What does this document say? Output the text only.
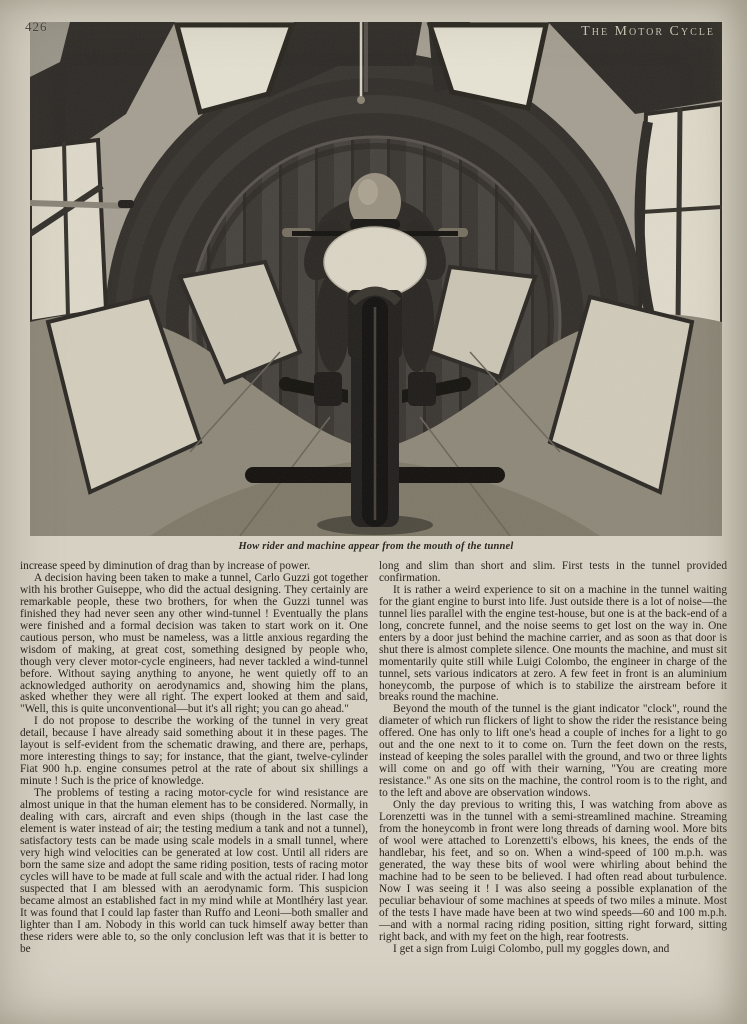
426	The Motor Cycle
How rider and machine appear from the mouth of the tunnel

increase speed by diminution of drag than by increase of power.

A decision having been taken to make a tunnel, Carlo Guzzi got together with his brother Guiseppe, who did the actual designing. They certainly are remarkable people, these two brothers, for when the Guzzi tunnel was finished they had never seen any other wind-tunnel ! Eventually the plans were finished and a formal decision was taken to start work on it. One cautious person, who must be nameless, was a little anxious regarding the wisdom of making, at great cost, something designed by people who, though very clever motor-cycle engineers, had never tackled a wind-tunnel before. Without saying anything to anyone, he went quietly off to an acknowledged authority on aerodynamics and, showing him the plans, asked whether they were all right. The expert looked at them and said, "Well, this is quite unconventional—but it's all right; you can go ahead."

I do not propose to describe the working of the tunnel in very great detail, because I have already said something about it in these pages. The layout is self-evident from the schematic drawing, and there are, perhaps, more interesting things to say; for instance, that the giant, twelve-cylinder Fiat 900 h.p. engine consumes petrol at the rate of about six shillings a minute ! Such is the price of knowledge.

The problems of testing a racing motor-cycle for wind resistance are almost unique in that the human element has to be considered. Normally, in dealing with cars, aircraft and even ships (though in the last case the element is water instead of air; the testing medium a tank and not a tunnel), satisfactory tests can be made using scale models in a small tunnel, where very high wind velocities can be generated at low cost. Until all riders are born the same size and adopt the same riding position, tests of racing motor cycles will have to be made at full scale and with the actual rider. I had long suspected that I am blessed with an aerodynamic form. This suspicion became almost an established fact in my mind while at Montlhéry last year. It was found that I could lap faster than Ruffo and Leoni—both smaller and lighter than I am. Nobody in this world can tuck himself away better than these riders were able to, so the only conclusion left was that it is better to be

long and slim than short and slim. First tests in the tunnel provided confirmation.

It is rather a weird experience to sit on a machine in the tunnel waiting for the giant engine to burst into life. Just outside there is a lot of noise—the tunnel lies parallel with the engine test-house, but one is at the back-end of a long, concrete funnel, and the noise seems to get lost on the way in. One enters by a door just behind the machine carrier, and as soon as that door is shut there is almost complete silence. One mounts the machine, and must sit momentarily quite still while Luigi Colombo, the engineer in charge of the tunnel, sets various indicators at zero. A few feet in front is an aluminium honeycomb, the purpose of which is to stabilize the airstream before it breaks round the machine.

Beyond the mouth of the tunnel is the giant indicator "clock", round the diameter of which run flickers of light to show the rider the resistance being offered. One has only to lift one's head a couple of inches for a light to go out and the one next to it to come on. Turn the feet down on the rests, instead of keeping the soles parallel with the ground, and two or three lights will come on and go off with their warning, "You are creating more resistance." As one sits on the machine, the control room is to the right, and to the left and above are observation windows.

Only the day previous to writing this, I was watching from above as Lorenzetti was in the tunnel with a semi-streamlined machine. Streaming from the honeycomb in front were long threads of darning wool. More bits of wool were attached to Lorenzetti's elbows, his knees, the ends of the handlebar, his feet, and so on. When a wind-speed of 100 m.p.h. was generated, the way these bits of wool were whirling about behind the machine had to be seen to be believed. I had often read about turbulence. Now I was seeing it ! I was also seeing a possible explanation of the peculiar behaviour of some machines at speeds of two miles a minute. Most of the tests I have made have been at two wind speeds—60 and 100 m.p.h.—and with a normal racing riding position, sitting right forward, sitting right back, and with my feet on the high, rear footrests.

I get a sign from Luigi Colombo, pull my goggles down, and
